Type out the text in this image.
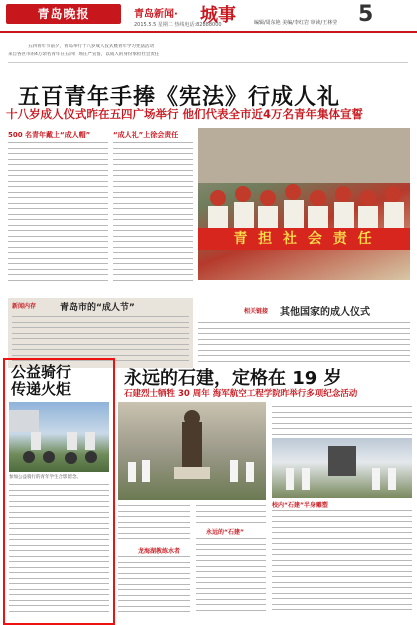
青岛晚报	青岛新闻· 城事
2015.5.5 星期二 热线电话:82888000	编辑/周东艳 美编/李红岩 审读/王林莹 5
五四青年节前夕，青岛举行十八岁成人仪式暨青年学习宪法活动
来自各区市的4万余名青年在五四广场庄严宣誓，以成人的身份承担社会责任
五百青年手捧《宪法》行成人礼
十八岁成人仪式昨在五四广场举行 他们代表全市近4万名青年集体宣誓
500 名青年戴上“成人帽”	“成人礼”上徐会责任
青 担 社 会 责 任
新闻内存	青岛市的“成人节”	相关链接 其他国家的成人仪式
公益骑行
传递火炬
参加公益骑行的青年学生合影留念。
永远的石建，定格在 19 岁
石建烈士牺牲 30 周年 海军航空工程学院昨举行多项纪念活动
校内“石建”半身雕塑
龙海湖教练水者
永远的“石建”
